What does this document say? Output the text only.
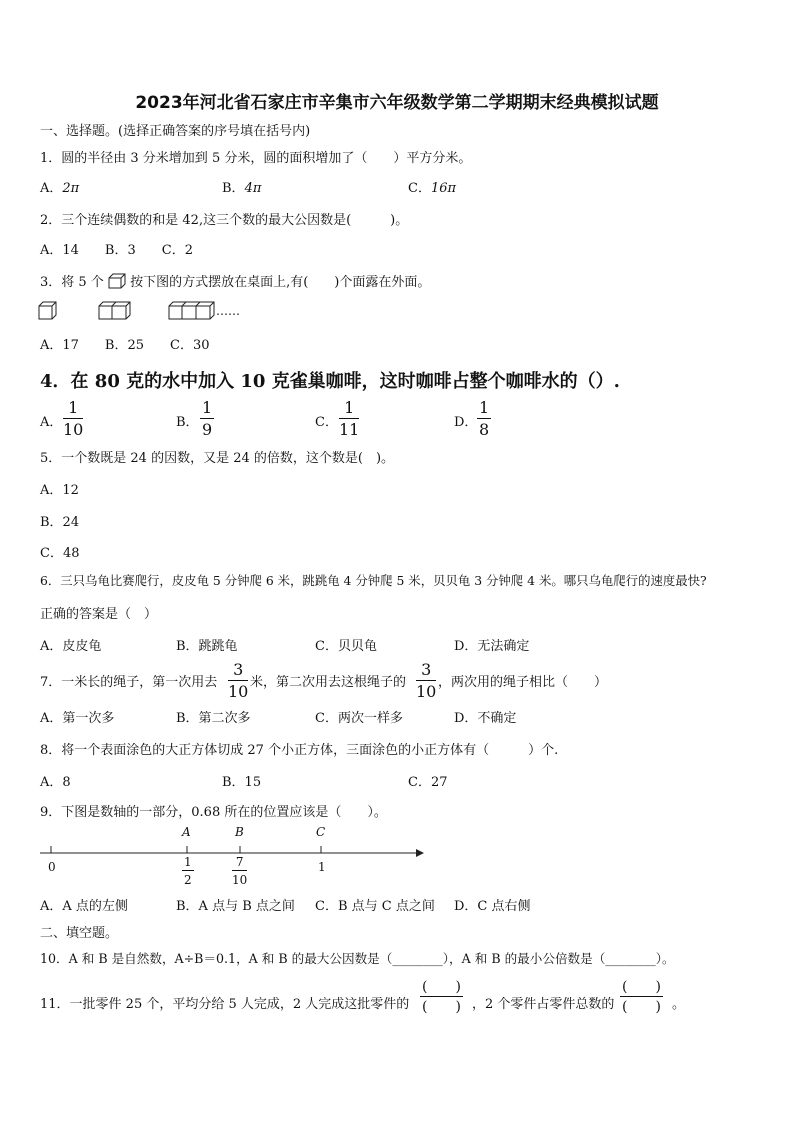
2023年河北省石家庄市辛集市六年级数学第二学期期末经典模拟试题
一、选择题。(选择正确答案的序号填在括号内)
1．圆的半径由 3 分米增加到 5 分米，圆的面积增加了（　　）平方分米。
A．2π	B．4π	C．16π
2．三个连续偶数的和是 42,这三个数的最大公因数是(　　　)。
A．14　　B．3　　C．2
3．将 5 个 按下图的方式摆放在桌面上,有(　　)个面露在外面。
……
A．17　　B．25　　C．30
4．在 80 克的水中加入 10 克雀巢咖啡，这时咖啡占整个咖啡水的（）.
A． $\frac{1}{10}$	B． $\frac{1}{9}$	C． $\frac{1}{11}$	D． $\frac{1}{8}$
5．一个数既是 24 的因数，又是 24 的倍数，这个数是(　)。
A．12
B．24
C．48
6．三只乌龟比赛爬行，皮皮龟 5 分钟爬 6 米，跳跳龟 4 分钟爬 5 米，贝贝龟 3 分钟爬 4 米。哪只乌龟爬行的速度最快?
正确的答案是（　）
A．皮皮龟	B．跳跳龟	C．贝贝龟	D．无法确定
7．一米长的绳子，第一次用去 $\frac{3}{10}$ 米，第二次用去这根绳子的 $\frac{3}{10}$ ，两次用的绳子相比（　　）
A．第一次多	B．第二次多	C．两次一样多	D．不确定
8．将一个表面涂色的大正方体切成 27 个小正方体，三面涂色的小正方体有（　　　）个.
A．8	B．15	C．27
9．下图是数轴的一部分，0.68 所在的位置应该是（　　）。
A	B	C
0	$\frac{1}{2}$	$\frac{7}{10}$	1
A．A 点的左侧	B．A 点与 B 点之间 C．B 点与 C 点之间 D．C 点右侧
二、填空题。
10．A 和 B 是自然数，A÷B＝0.1，A 和 B 的最大公因数是（________），A 和 B 的最小公倍数是（________）。
11．一批零件 25 个，平均分给 5 人完成，2 人完成这批零件的
(　　)
(　　) ，2 个零件占零件总数的
(　　)
(　　) 。
